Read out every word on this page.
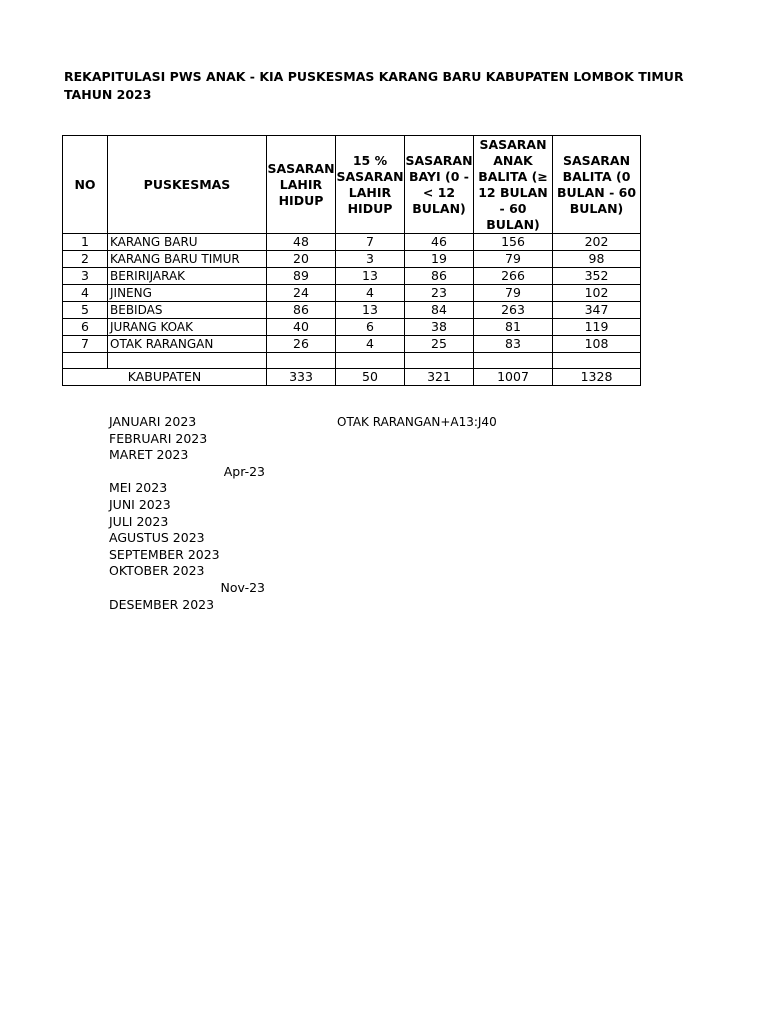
REKAPITULASI PWS ANAK - KIA PUSKESMAS KARANG BARU KABUPATEN LOMBOK TIMUR
TAHUN 2023
NO	PUSKESMAS	SASARAN LAHIR HIDUP	15 % SASARAN LAHIR HIDUP	SASARAN BAYI (0 - < 12 BULAN)	SASARAN ANAK BALITA (≥ 12 BULAN - 60 BULAN)	SASARAN BALITA (0 BULAN - 60 BULAN)
1	KARANG BARU	48	7	46	156	202
2	KARANG BARU TIMUR	20	3	19	79	98
3	BERIRIJARAK	89	13	86	266	352
4	JINENG	24	4	23	79	102
5	BEBIDAS	86	13	84	263	347
6	JURANG KOAK	40	6	38	81	119
7	OTAK RARANGAN	26	4	25	83	108

KABUPATEN		333	50	321	1007	1328
JANUARI 2023
FEBRUARI 2023
MARET 2023
Apr-23
MEI 2023
JUNI 2023
JULI 2023
AGUSTUS 2023
SEPTEMBER 2023
OKTOBER 2023
Nov-23
DESEMBER 2023
OTAK RARANGAN+A13:J40
